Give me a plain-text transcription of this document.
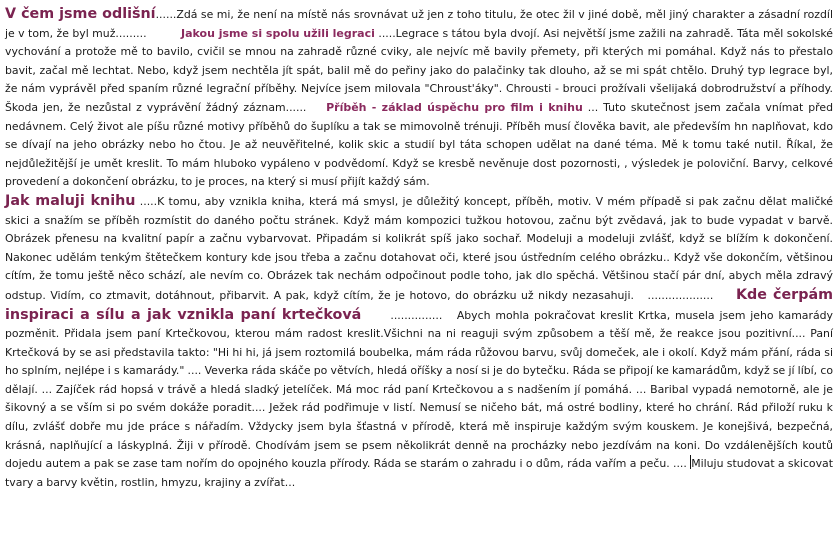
V čem jsme odlišní......Zdá se mi, že není na místě nás srovnávat už jen z toho titulu, že otec žil v jiné době, měl jiný charakter a zásadní rozdíl je v tom, že byl muž.........	Jakou jsme si spolu užili legraci .....Legrace s tátou byla dvojí. Asi největší jsme zažili na zahradě. Táta měl sokolské vychování a protože mě to bavilo, cvičil se mnou na zahradě různé cviky, ale nejvíc mě bavily přemety, při kterých mi pomáhal. Když nás to přestalo bavit, začal mě lechtat. Nebo, když jsem nechtěla jít spát, balil mě do peřiny jako do palačinky tak dlouho, až se mi spát chtělo. Druhý typ legrace byl, že nám vyprávěl před spaním různé legrační příběhy. Nejvíce jsem milovala "Chroust'áky". Chrousti - brouci prožívali všelijaká dobrodružství a příhody. Škoda jen, že nezůstal z vyprávění žádný záznam...... Příběh - základ úspěchu pro film i knihu ... Tuto skutečnost jsem začala vnímat před nedávnem. Celý život ale píšu různé motivy příběhů do šuplíku a tak se mimovolně trénuji. Příběh musí člověka bavit, ale především hn naplňovat, kdo se dívají na jeho obrázky nebo ho čtou. Je až neuvěřitelné, kolik skic a studií byl táta schopen udělat na dané téma. Mě k tomu také nutil. Říkal, že nejdůležitější je umět kreslit. To mám hluboko vypáleno v podvědomí. Když se kresbě nevěnuje dost pozornosti, , výsledek je poloviční. Barvy, celkové provedení a dokončení obrázku, to je proces, na který si musí přijít každý sám.

Jak maluji knihu .....K tomu, aby vznikla kniha, která má smysl, je důležitý koncept, příběh, motiv. V mém případě si pak začnu dělat maličké skici a snažím se příběh rozmístit do daného počtu stránek. Když mám kompozici tužkou hotovou, začnu být zvědavá, jak to bude vypadat v barvě. Obrázek přenesu na kvalitní papír a začnu vybarvovat. Připadám si kolikrát spíš jako sochař. Modeluji a modeluji zvlášť, když se blížím k dokončení. Nakonec udělám tenkým štětečkem kontury kde jsou třeba a začnu dotahovat oči, které jsou ústředním celého obrázku.. Když vše dokončím, většinou cítím, že tomu ještě něco schází, ale nevím co. Obrázek tak nechám odpočinout podle toho, jak dlo spěchá. Většinou stačí pár dní, abych měla zdravý odstup. Vidím, co ztmavit, dotáhnout, přibarvit. A pak, když cítím, že je hotovo, do obrázku už nikdy nezasahuji. ................... Kde čerpám inspiraci a sílu a jak vznikla paní krtečková	............... Abych mohla pokračovat kreslit Krtka, musela jsem jeho kamarády pozměnit. Přidala jsem paní Krtečkovou, kterou mám radost kreslit.Všichni na ni reaguji svým způsobem a těší mě, že reakce jsou pozitivní.... Paní Krtečková by se asi představila takto: "Hi hi hi, já jsem roztomilá boubelka, mám ráda růžovou barvu, svůj domeček, ale i okolí. Když mám přání, ráda si ho splním, nejlépe i s kamarády." .... Veverka ráda skáče po větvích, hledá oříšky a nosí si je do bytečku. Ráda se připojí ke kamarádům, když se jí líbí, co dělají. ... Zajíček rád hopsá v trávě a hledá sladký jetelíček. Má moc rád paní Krtečkovou a s nadšením jí pomáhá. ... Baribal vypadá nemotorně, ale je šikovný a se vším si po svém dokáže poradit.... Ježek rád podřimuje v listí. Nemusí se ničeho bát, má ostré bodliny, které ho chrání. Rád přiloží ruku k dílu, zvlášť dobře mu jde práce s nářadím. Vždycky jsem byla šťastná v přírodě, která mě inspiruje každým svým kouskem. Je konejšivá, bezpečná, krásná, naplňující a láskyplná. Žiji v přírodě. Chodívám jsem se psem několikrát denně na procházky nebo jezdívám na koni. Do vzdálenějších koutů dojedu autem a pak se zase tam nořím do opojného kouzla přírody. Ráda se starám o zahradu i o dům, ráda vařím a peču. .... Miluju studovat a skicovat tvary a barvy květin, rostlin, hmyzu, krajiny a zvířat...
